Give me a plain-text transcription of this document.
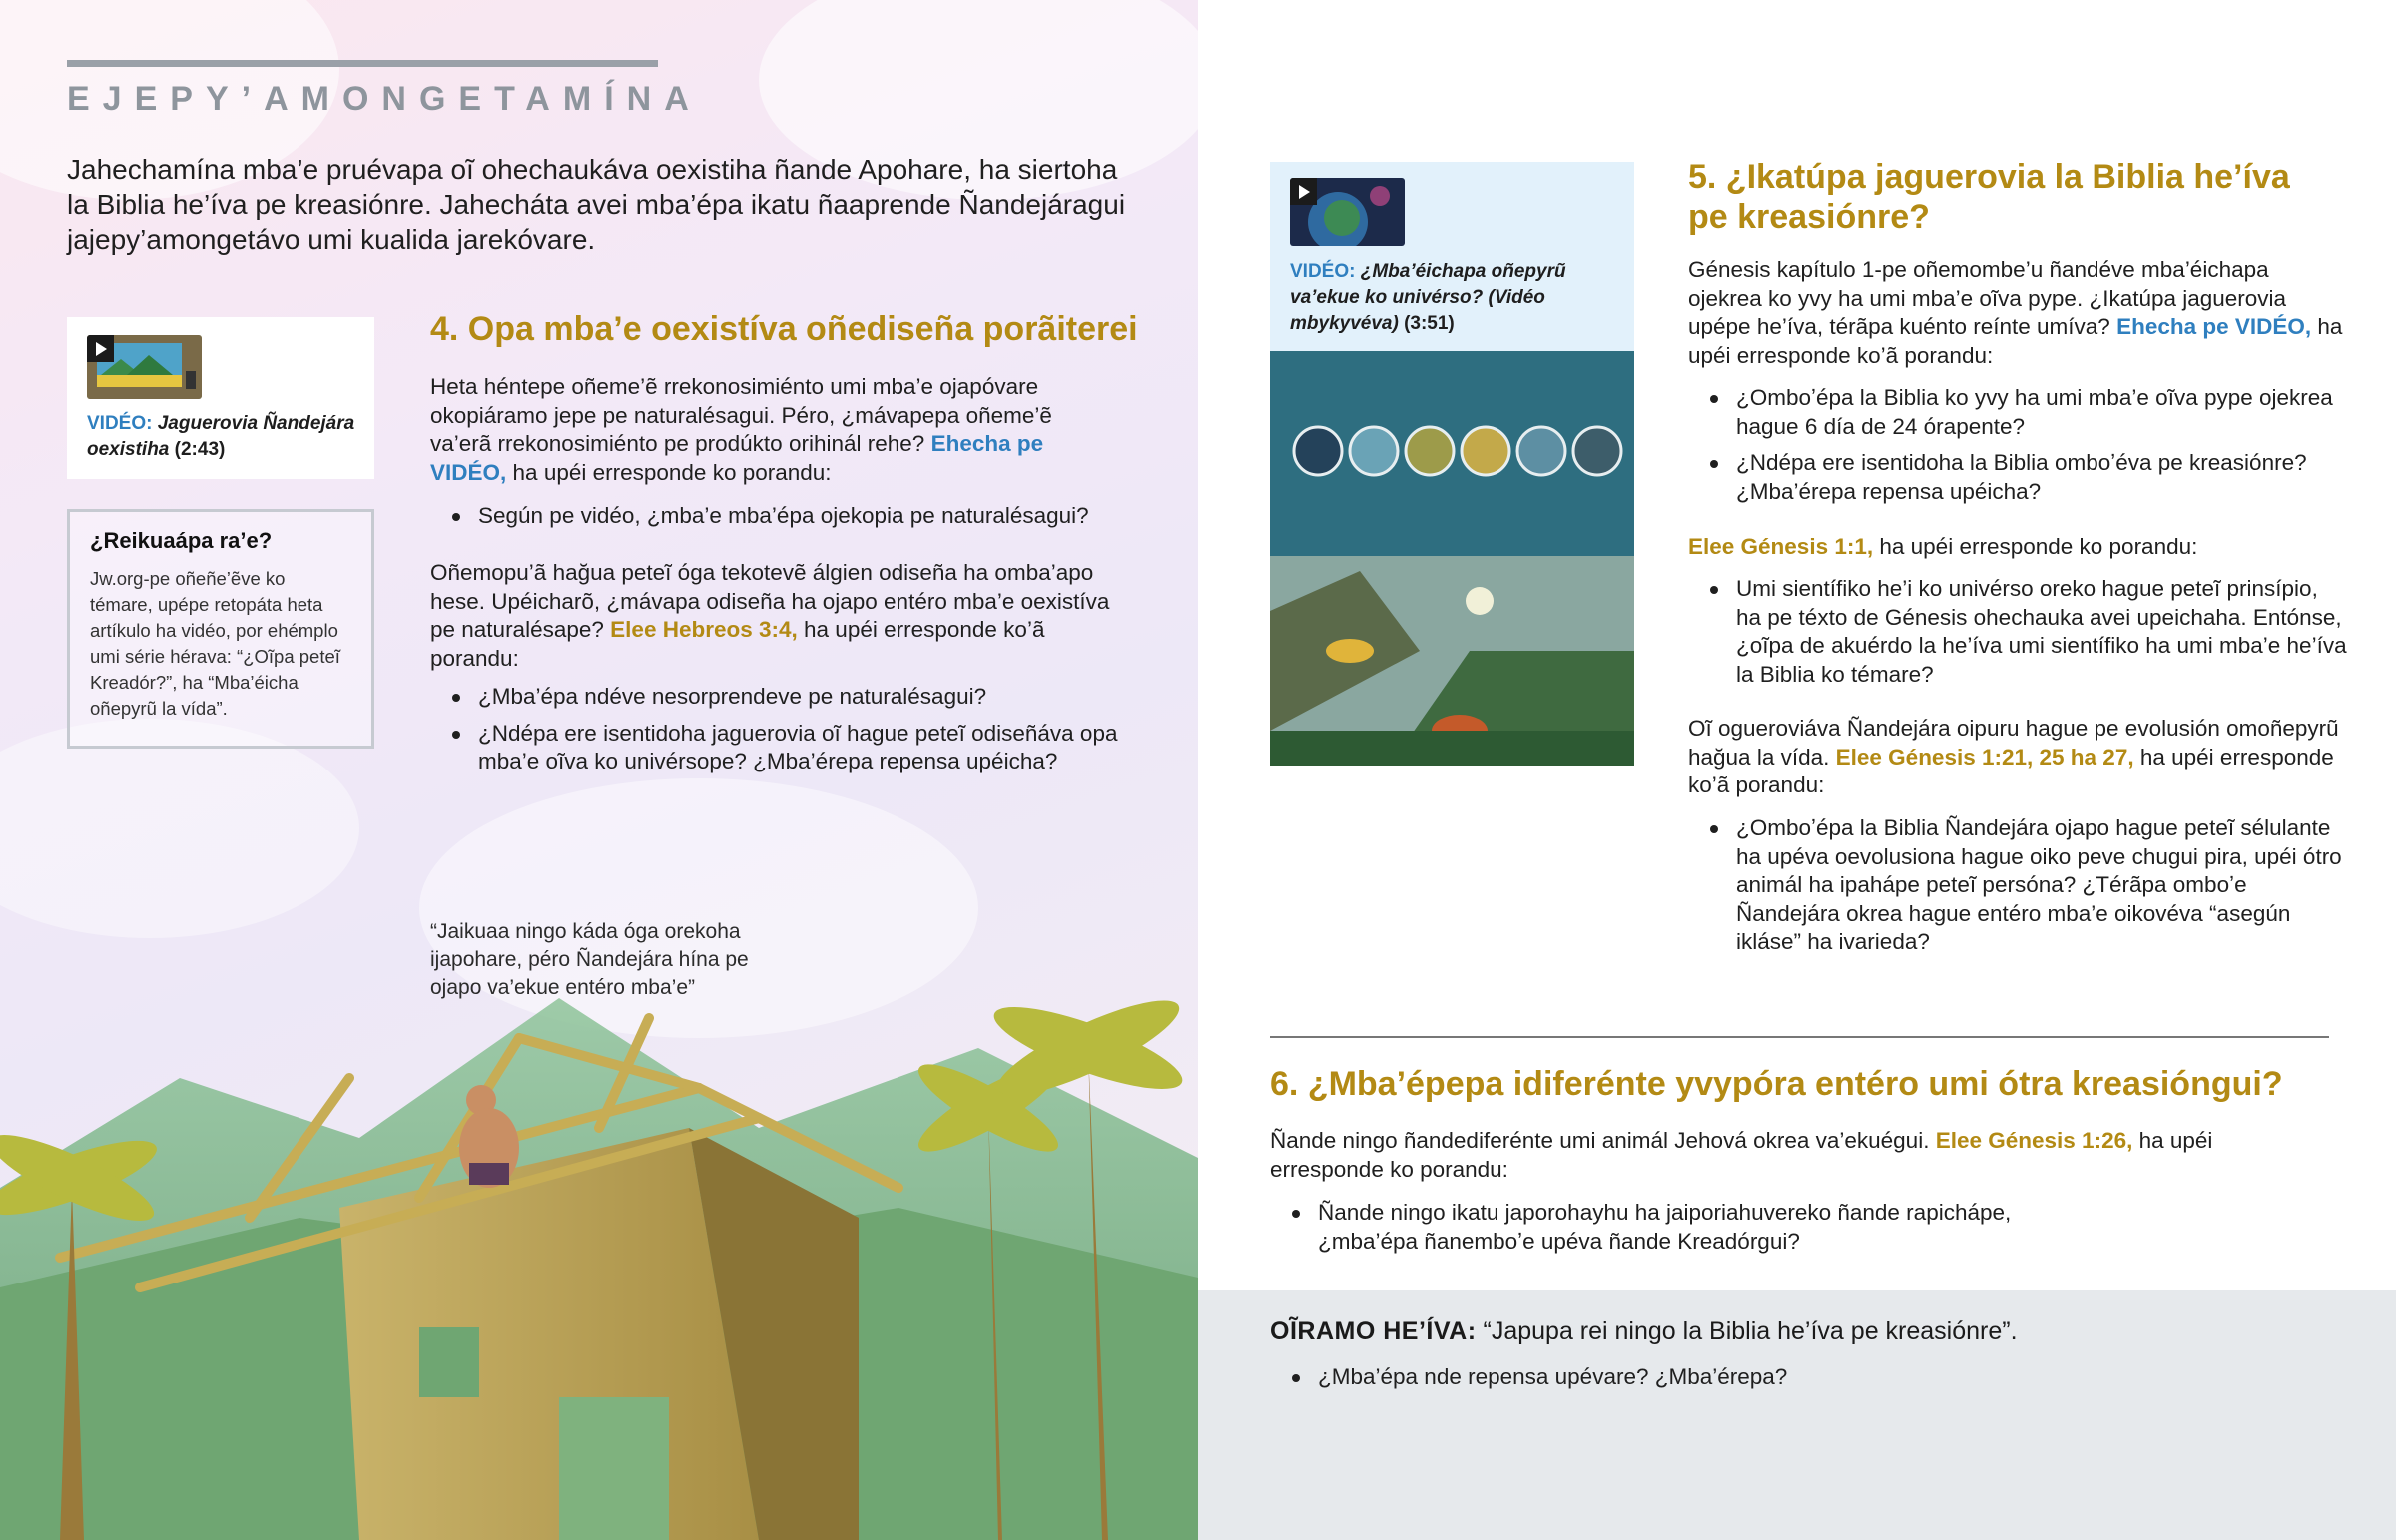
EJEPY’AMONGETAMÍNA
Jahechamína mba’e pruévapa oĩ ohechaukáva oexistiha ñande Apohare, ha siertoha la Biblia he’íva pe kreasiónre. Jahecháta avei mba’épa ikatu ñaaprende Ñandejáragui jajepy’amongetávo umi kualida jarekóvare.
VIDÉO: Jaguerovia Ñandejára oexistiha (2:43)
¿Reikuaápa ra’e?

Jw.org-pe oñeñe’ẽve ko témare, upépe retopáta heta artíkulo ha vidéo, por ehémplo umi série hérava: “¿Oĩpa peteĩ Kreadór?”, ha “Mba’éicha oñepyrũ la vída”.

4. Opa mba’e oexistíva oñediseña porãiterei

Heta héntepe oñeme’ẽ rrekonosimiénto umi mba’e ojapóvare okopiáramo jepe pe naturalésagui. Péro, ¿mávapepa oñeme’ẽ va’erã rrekonosimiénto pe prodúkto orihinál rehe? Ehecha pe VIDÉO, ha upéi erresponde ko porandu:

Según pe vidéo, ¿mba’e mba’épa ojekopia pe naturalésagui?

Oñemopu’ã hağua peteĩ óga tekotevẽ álgien odiseña ha omba’apo hese. Upéicharõ, ¿mávapa odiseña ha ojapo entéro mba’e oexistíva pe naturalésape? Elee Hebreos 3:4, ha upéi erresponde ko’ã porandu:

¿Mba’épa ndéve nesorprendeve pe naturalésagui?
¿Ndépa ere isentidoha jaguerovia oĩ hague peteĩ odiseñáva opa mba’e oĩva ko univérsope? ¿Mba’érepa repensa upéicha?
“Jaikuaa ningo káda óga orekoha ijapohare, péro Ñandejára hína pe ojapo va’ekue entéro mba’e”
VIDÉO: ¿Mba’éichapa oñepyrũ va’ekue ko univérso? (Vidéo mbykyvéva) (3:51)
5. ¿Ikatúpa jaguerovia la Biblia he’íva pe kreasiónre?

Génesis kapítulo 1-pe oñemombe’u ñandéve mba’éichapa ojekrea ko yvy ha umi mba’e oĩva pype. ¿Ikatúpa jaguerovia upépe he’íva, térãpa kuénto reínte umíva? Ehecha pe VIDÉO, ha upéi erresponde ko’ã porandu:

¿Omboʼépa la Biblia ko yvy ha umi mba’e oĩva pype ojekrea hague 6 día de 24 órapente?
¿Ndépa ere isentidoha la Biblia omboʼéva pe kreasiónre? ¿Mba’érepa repensa upéicha?

Elee Génesis 1:1, ha upéi erresponde ko porandu:

Umi sientífiko he’i ko univérso oreko hague peteĩ prinsípio, ha pe téxto de Génesis ohechauka avei upeichaha. Entónse, ¿oĩpa de akuérdo la he’íva umi sientífiko ha umi mba’e he’íva la Biblia ko témare?

Oĩ ogueroviáva Ñandejára oipuru hague pe evolusión omoñepyrũ hağua la vída. Elee Génesis 1:21, 25 ha 27, ha upéi erresponde ko’ã porandu:

¿Omboʼépa la Biblia Ñandejára ojapo hague peteĩ sélulante ha upéva oevolusiona hague oiko peve chugui pira, upéi ótro animál ha ipahápe peteĩ persóna? ¿Térãpa omboʼe Ñandejára okrea hague entéro mba’e oikovéva “asegún ikláse” ha ivarieda?
6. ¿Mba’épepa idiferénte yvypóra entéro umi ótra kreasióngui?

Ñande ningo ñandediferénte umi animál Jehová okrea va’ekuégui. Elee Génesis 1:26, ha upéi erresponde ko porandu:

Ñande ningo ikatu japorohayhu ha jaiporiahuvereko ñande rapichápe, ¿mba’épa ñanemboʼe upéva ñande Kreadórgui?
OĨRAMO HE’ÍVA: “Japupa rei ningo la Biblia he’íva pe kreasiónre”.
¿Mba’épa nde repensa upévare? ¿Mba’érepa?
